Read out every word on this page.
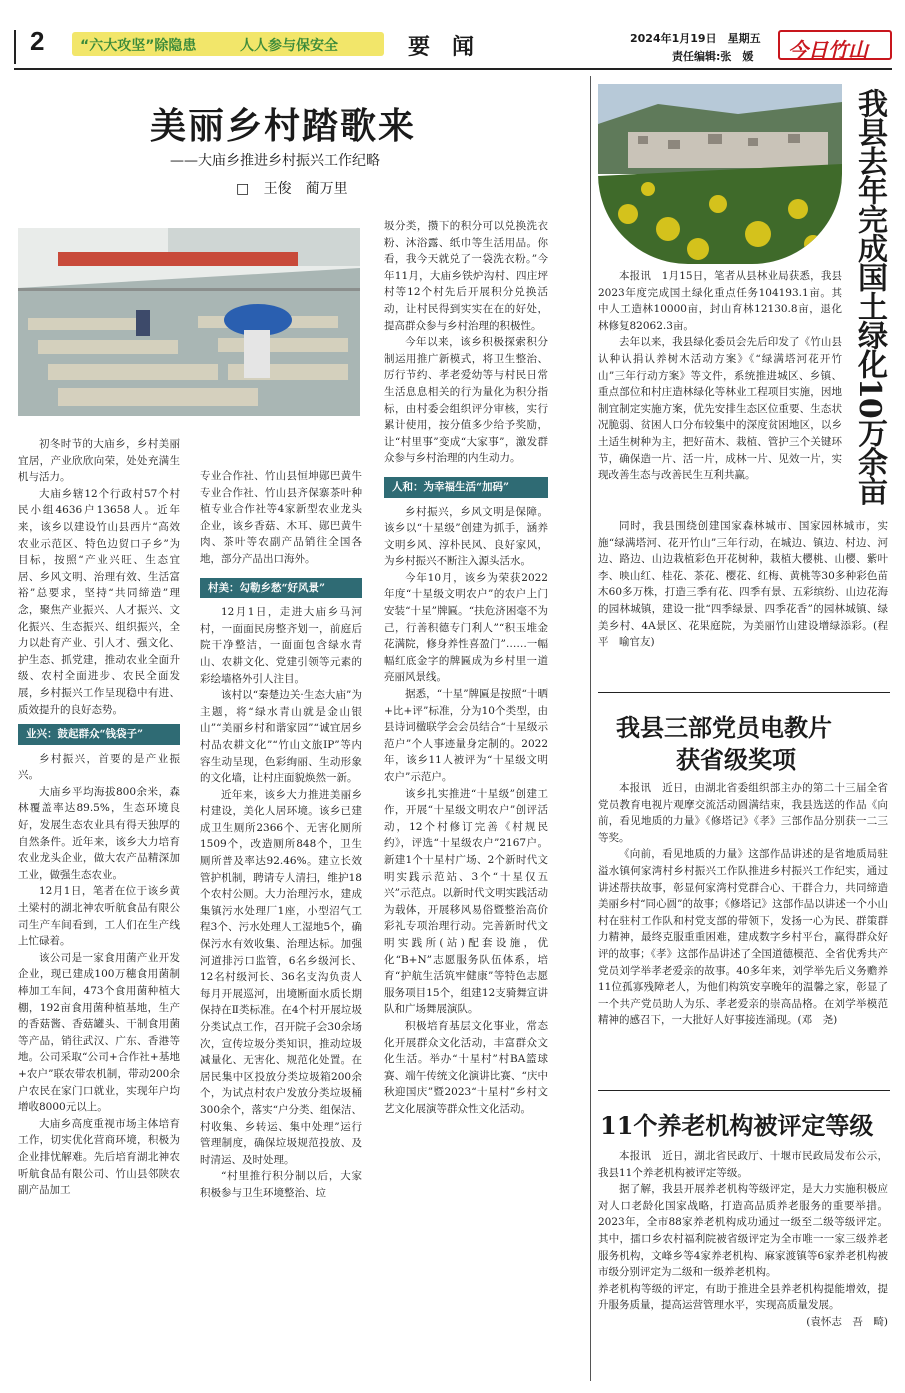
2	“六大攻坚”除隐患	人人参与保安全	要　闻	2024年1月19日　星期五
责任编辑:张　媛 今日竹山
美丽乡村踏歌来
——大庙乡推进乡村振兴工作纪略
□ 王俊　蔺万里

初冬时节的大庙乡，乡村美丽宜居，产业欣欣向荣，处处充满生机与活力。

大庙乡辖12个行政村57个村民小组4636户13658人。近年来，该乡以建设竹山县西片“高效农业示范区、特色边贸口子乡”为目标，按照“产业兴旺、生态宜居、乡风文明、治理有效、生活富裕”总要求，坚持“共同缔造”理念，聚焦产业振兴、人才振兴、文化振兴、生态振兴、组织振兴，全力以赴育产业、引人才、强文化、护生态、抓党建，推动农业全面升级、农村全面进步、农民全面发展，乡村振兴工作呈现稳中有进、质效提升的良好态势。

业兴：鼓起群众“钱袋子”

乡村振兴，首要的是产业振兴。

大庙乡平均海拔800余米，森林覆盖率达89.5%，生态环境良好，发展生态农业具有得天独厚的自然条件。近年来，该乡大力培育农业龙头企业，做大农产品精深加工业，做强生态农业。

12月1日，笔者在位于该乡黄土梁村的湖北神农听航食品有限公司生产车间看到，工人们在生产线上忙碌着。

该公司是一家食用菌产业开发企业，现已建成100万穗食用菌制棒加工车间，473个食用菌种植大棚，192亩食用菌种植基地，生产的香菇酱、香菇罐头、干制食用菌等产品，销往武汉、广东、香港等地。公司采取“公司+合作社+基地+农户”联农带农机制，带动200余户农民在家门口就业，实现年户均增收8000元以上。

大庙乡高度重视市场主体培育工作，切实优化营商环境，积极为企业排忧解难。先后培育湖北神农听航食品有限公司、竹山县邻陕农副产品加工

专业合作社、竹山县恒坤郧巴黄牛专业合作社、竹山县齐保寨茶叶种植专业合作社等4家新型农业龙头企业，该乡香菇、木耳、郧巴黄牛肉、茶叶等农副产品销往全国各地，部分产品出口海外。

村美：勾勒乡愁“好风景”

12月1日，走进大庙乡马河村，一面面民房整齐划一，前庭后院干净整洁，一面面包含绿水青山、农耕文化、党建引领等元素的彩绘墙格外引人注目。

该村以“秦楚边关·生态大庙”为主题，将“绿水青山就是金山银山”“美丽乡村和谐家园”“诚宜居乡村品农耕文化”“竹山文旅IP”等内容生动呈现，色彩绚丽、生动形象的文化墙，让村庄面貌焕然一新。

近年来，该乡大力推进美丽乡村建设，美化人居环境。该乡已建成卫生厕所2366个、无害化厕所1509个，改造厕所848个，卫生厕所普及率达92.46%。建立长效管护机制，聘请专人清扫，维护18个农村公厕。大力治理污水，建成集镇污水处理厂1座，小型沼气工程3个、污水处理人工湿地5个，确保污水有效收集、治理达标。加强河道排污口监管，6名乡级河长、12名村级河长、36名支沟负责人每月开展巡河，出境断面水质长期保持在Ⅱ类标准。在4个村开展垃圾分类试点工作，召开院子会30余场次，宣传垃圾分类知识，推动垃圾减量化、无害化、规范化处置。在居民集中区投放分类垃圾箱200余个，为试点村农户发放分类垃圾桶300余个，落实“户分类、组保洁、村收集、乡转运、集中处理”运行管理制度，确保垃圾规范投放、及时清运、及时处理。

“村里推行积分制以后，大家积极参与卫生环境整治、垃

圾分类，攒下的积分可以兑换洗衣粉、沐浴露、纸巾等生活用品。你看，我今天就兑了一袋洗衣粉。”今年11月，大庙乡铁炉沟村、四庄坪村等12个村先后开展积分兑换活动，让村民得到实实在在的好处，提高群众参与乡村治理的积极性。

今年以来，该乡积极探索积分制运用推广新模式，将卫生整治、厉行节约、孝老爱幼等与村民日常生活息息相关的行为量化为积分指标，由村委会组织评分审核，实行累计使用，按分值多少给予奖励，让“村里事”变成“大家事”，激发群众参与乡村治理的内生动力。

人和：为幸福生活“加码”

乡村振兴，乡风文明是保障。该乡以“十星级”创建为抓手，涵养文明乡风、淳朴民风、良好家风，为乡村振兴不断注入源头活水。

今年10月，该乡为荣获2022年度“十星级文明农户”的农户上门安装“十星”牌匾。“扶危济困毫不为己，行善积德专门利人”“积玉堆金花满院，修身养性喜盈门”……一幅幅红底金字的牌匾成为乡村里一道亮丽风景线。

据悉，“十星”牌匾是按照“十晒+比+评”标准，分为10个类型，由县诗词楹联学会会员结合“十星级示范户”个人事迹量身定制的。2022年，该乡11人被评为“十星级文明农户”示范户。

该乡扎实推进“十星级”创建工作，开展“十星级文明农户”创评活动，12个村修订完善《村规民约》，评选“十星级农户”2167户。新建1个十星村广场、2个新时代文明实践示范站、3个“十星仅五兴”示范点。以新时代文明实践活动为载体，开展移风易俗暨整治高价彩礼专项治理行动。完善新时代文明实践所(站)配套设施，优化“B+N”志愿服务队伍体系，培育“护航生活筑牢健康”等特色志愿服务项目15个，组建12支骑舞宣讲队和广场舞展演队。

积极培育基层文化事业，常态化开展群众文化活动，丰富群众文化生活。举办“十星村”村BA篮球赛、端午传统文化演讲比赛、“庆中秋迎国庆”暨2023“十星村”乡村文艺文化展演等群众性文化活动。

我县去年完成国土绿化10万余亩

本报讯　1月15日，笔者从县林业局获悉，我县2023年度完成国土绿化重点任务104193.1亩。其中人工造林10000亩，封山育林12130.8亩，退化林修复82062.3亩。

去年以来，我县绿化委员会先后印发了《竹山县认种认捐认养树木活动方案》《“绿满塔河花开竹山”三年行动方案》等文件，系统推进城区、乡镇、重点部位和村庄造林绿化等林业工程项目实施，因地制宜制定实施方案，优先安排生态区位重要、生态状况脆弱、贫困人口分布较集中的深度贫困地区，以乡土适生树种为主，把好苗木、栽植、管护三个关键环节，确保造一片、活一片，成林一片、见效一片，实现改善生态与改善民生互利共赢。

同时，我县围绕创建国家森林城市、国家园林城市，实施“绿满塔河、花开竹山”三年行动，在城边、镇边、村边、河边、路边、山边栽植彩色开花树种，栽植大樱桃、山樱、紫叶李、映山红、桂花、茶花、樱花、红梅、黄桃等30多种彩色苗木60多万株，打造三季有花、四季有景、五彩缤纷、山边花海的园林城镇，建设一批“四季绿景、四季花香”的园林城镇、绿美乡村、4A景区、花果庭院，为美丽竹山建设增绿添彩。(程　平　喻官友)

我县三部党员电教片
获省级奖项

本报讯　近日，由湖北省委组织部主办的第二十三届全省党员教育电视片观摩交流活动圆满结束，我县选送的作品《向前，看见地质的力量》《修塔记》《孝》三部作品分别获一二三等奖。

《向前，看见地质的力量》这部作品讲述的是省地质局驻溢水镇何家湾村乡村振兴工作队推进乡村振兴工作纪实，通过讲述帮扶故事，彰显何家湾村党群合心、干群合力，共同缔造美丽乡村“同心圆”的故事；《修塔记》这部作品以讲述一个小山村在驻村工作队和村党支部的带领下，发扬一心为民、群策群力精神，最终克服重重困难，建成数字乡村平台，赢得群众好评的故事；《孝》这部作品讲述了全国道德模范、全省优秀共产党员刘学举孝老爱亲的故事。40多年来，刘学举先后义务赡养11位孤寡残障老人，为他们构筑安享晚年的温馨之家，彰显了一个共产党员助人为乐、孝老爱亲的崇高品格。在刘学举模范精神的感召下，一大批好人好事接连涌现。(邓　尧)

11个养老机构被评定等级

本报讯　近日，湖北省民政厅、十堰市民政局发布公示，我县11个养老机构被评定等级。

据了解，我县开展养老机构等级评定，是大力实施积极应对人口老龄化国家战略，打造高品质养老服务的重要举措。2023年，全市88家养老机构成功通过一级至二级等级评定。其中，擂口乡农村福利院被省级评定为全市唯一一家三级养老服务机构，文峰乡等4家养老机构、麻家渡镇等6家养老机构被市级分别评定为二级和一级养老机构。

养老机构等级的评定，有助于推进全县养老机构提能增效，提升服务质量，提高运营管理水平，实现高质量发展。

(袁怀志　吾　畸)
